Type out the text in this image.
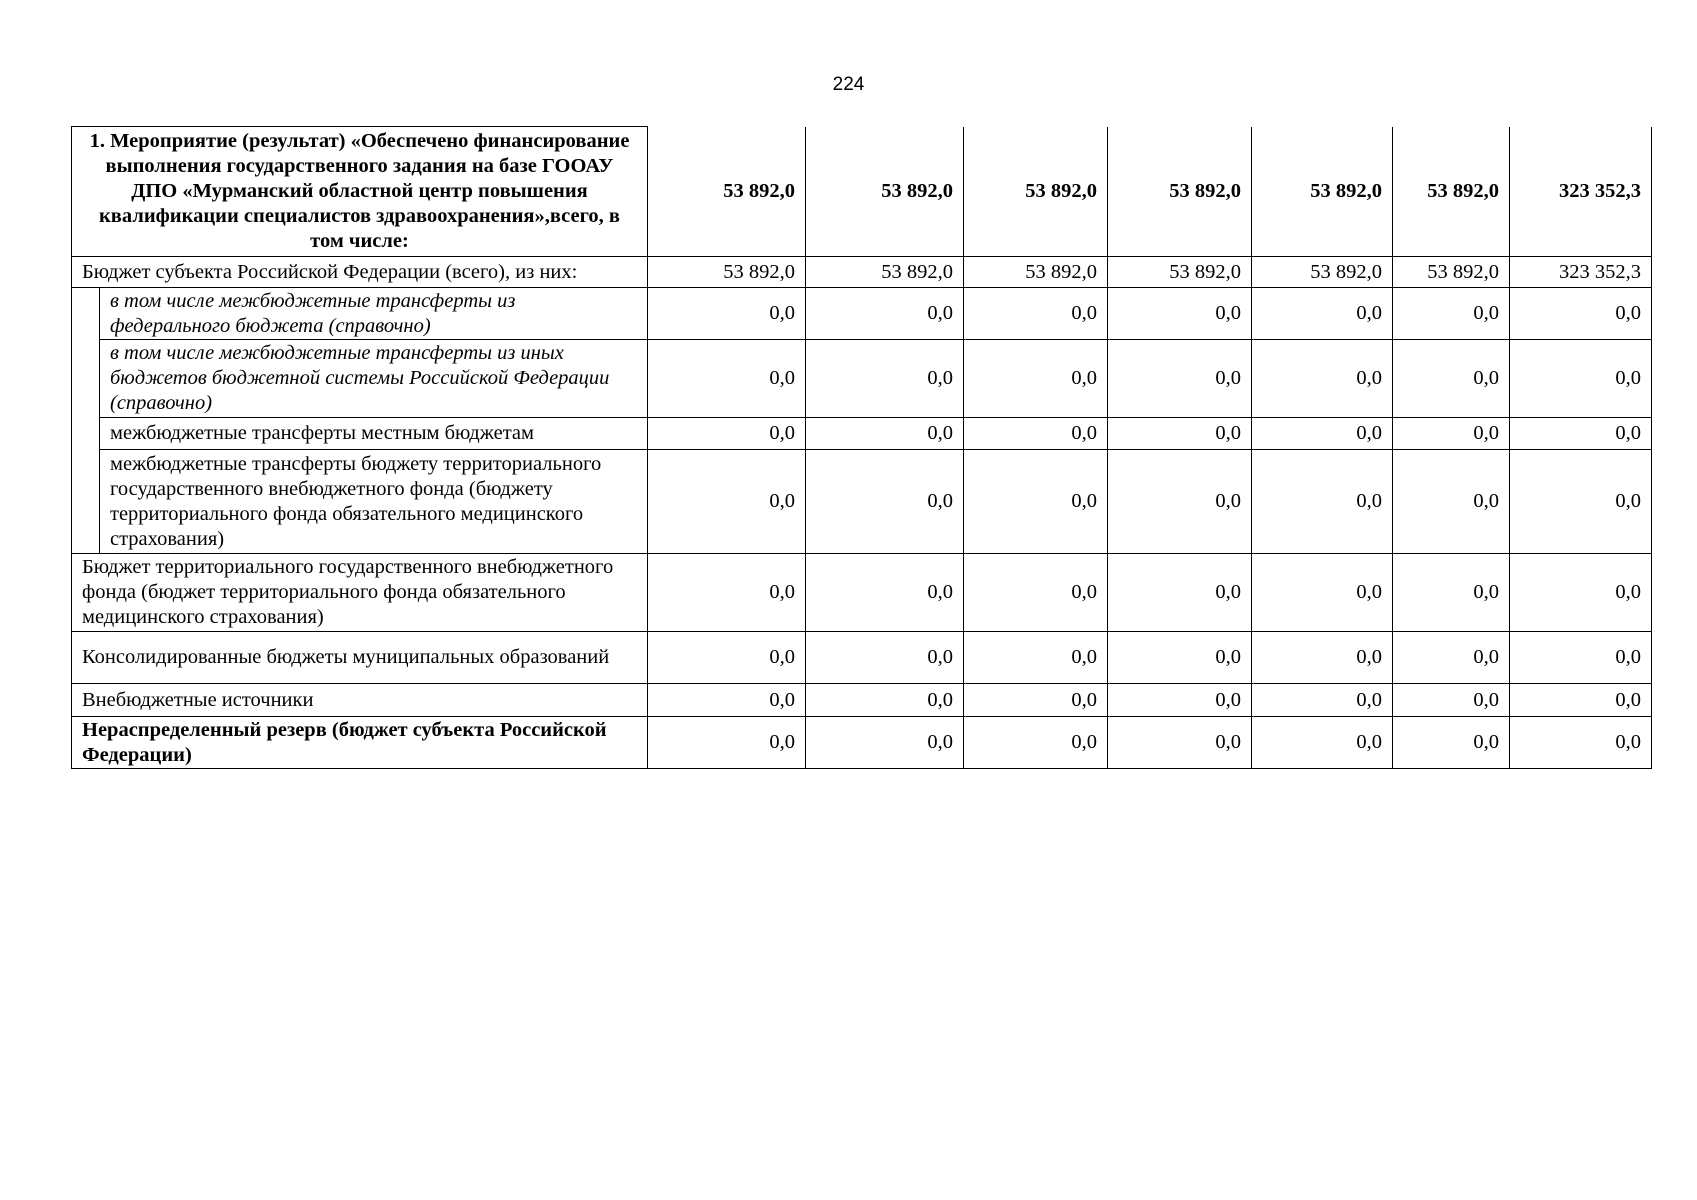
224
1. Мероприятие (результат) «Обеспечено финансирование выполнения государственного задания на базе ГООАУ ДПО «Мурманский областной центр повышения квалификации специалистов здравоохранения»,всего, в том числе:		53 892,0	53 892,0	53 892,0	53 892,0	53 892,0	53 892,0	323 352,3
Бюджет субъекта Российской Федерации (всего), из них:		53 892,0	53 892,0	53 892,0	53 892,0	53 892,0	53 892,0	323 352,3
	в том числе межбюджетные трансферты из федерального бюджета (справочно)	0,0	0,0	0,0	0,0	0,0	0,0	0,0
	в том числе межбюджетные трансферты из иных бюджетов бюджетной системы Российской Федерации (справочно)	0,0	0,0	0,0	0,0	0,0	0,0	0,0
	межбюджетные трансферты местным бюджетам	0,0	0,0	0,0	0,0	0,0	0,0	0,0
	межбюджетные трансферты бюджету территориального государственного внебюджетного фонда (бюджету территориального фонда обязательного медицинского страхования)	0,0	0,0	0,0	0,0	0,0	0,0	0,0
Бюджет территориального государственного внебюджетного фонда (бюджет территориального фонда обязательного медицинского страхования)		0,0	0,0	0,0	0,0	0,0	0,0	0,0
Консолидированные бюджеты муниципальных образований		0,0	0,0	0,0	0,0	0,0	0,0	0,0
Внебюджетные источники		0,0	0,0	0,0	0,0	0,0	0,0	0,0
Нераспределенный резерв (бюджет субъекта Российской Федерации)		0,0	0,0	0,0	0,0	0,0	0,0	0,0
